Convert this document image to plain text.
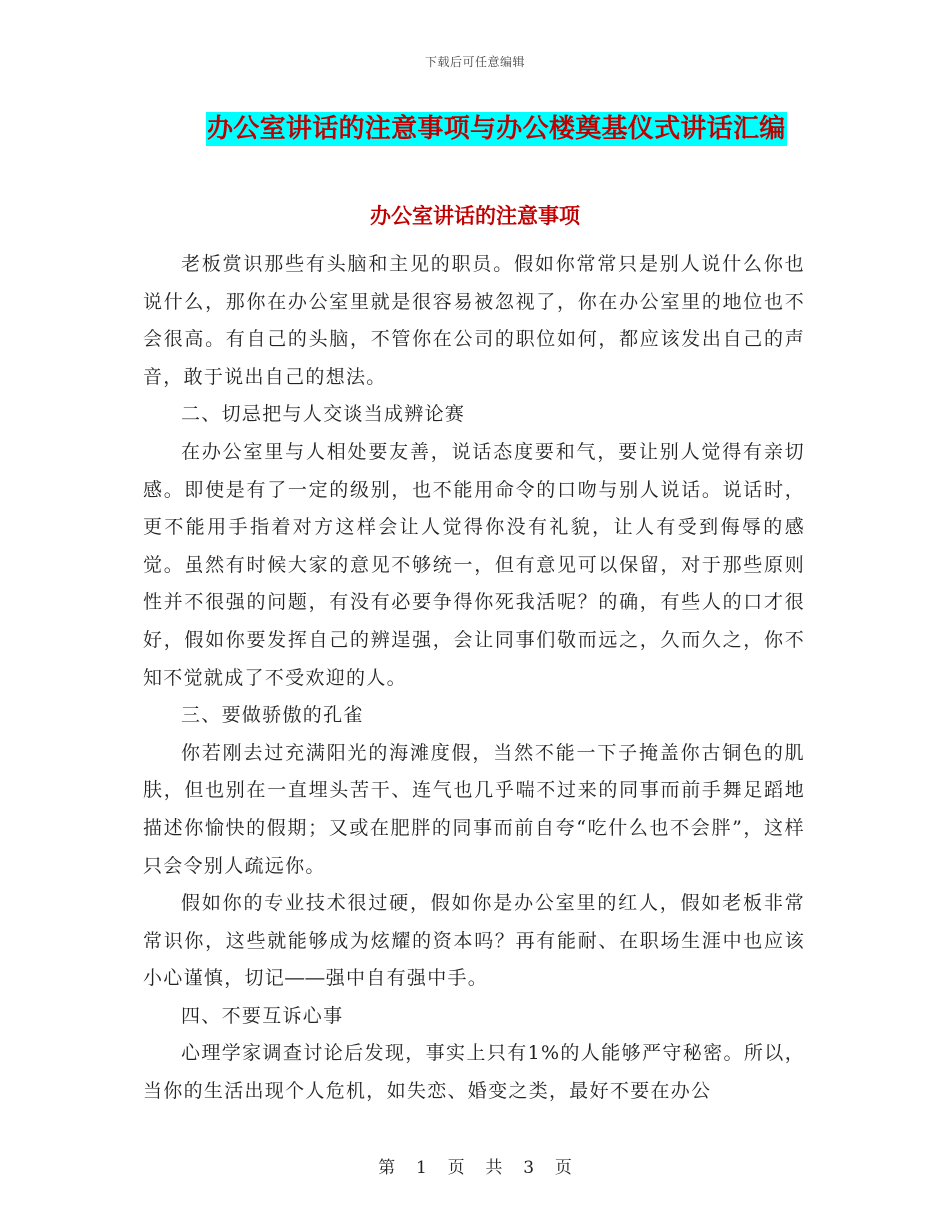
下载后可任意编辑
办公室讲话的注意事项与办公楼奠基仪式讲话汇编
办公室讲话的注意事项

老板赏识那些有头脑和主见的职员。假如你常常只是别人说什么你也说什么，那你在办公室里就是很容易被忽视了，你在办公室里的地位也不会很高。有自己的头脑，不管你在公司的职位如何，都应该发出自己的声音，敢于说出自己的想法。

二、切忌把与人交谈当成辨论赛

在办公室里与人相处要友善，说话态度要和气，要让别人觉得有亲切感。即使是有了一定的级别，也不能用命令的口吻与别人说话。说话时，更不能用手指着对方这样会让人觉得你没有礼貌，让人有受到侮辱的感觉。虽然有时候大家的意见不够统一，但有意见可以保留，对于那些原则性并不很强的问题，有没有必要争得你死我活呢？的确，有些人的口才很好，假如你要发挥自己的辨逞强，会让同事们敬而远之，久而久之，你不知不觉就成了不受欢迎的人。

三、要做骄傲的孔雀

你若刚去过充满阳光的海滩度假，当然不能一下子掩盖你古铜色的肌肤，但也别在一直埋头苦干、连气也几乎喘不过来的同事而前手舞足蹈地描述你愉快的假期；又或在肥胖的同事而前自夸“吃什么也不会胖”，这样只会令别人疏远你。

假如你的专业技术很过硬，假如你是办公室里的红人，假如老板非常常识你，这些就能够成为炫耀的资本吗？再有能耐、在职场生涯中也应该小心谨慎，切记――强中自有强中手。

四、不要互诉心事

心理学家调查讨论后发现，事实上只有1%的人能够严守秘密。所以，当你的生活出现个人危机，如失恋、婚变之类，最好不要在办公

第 1 页 共 3 页
